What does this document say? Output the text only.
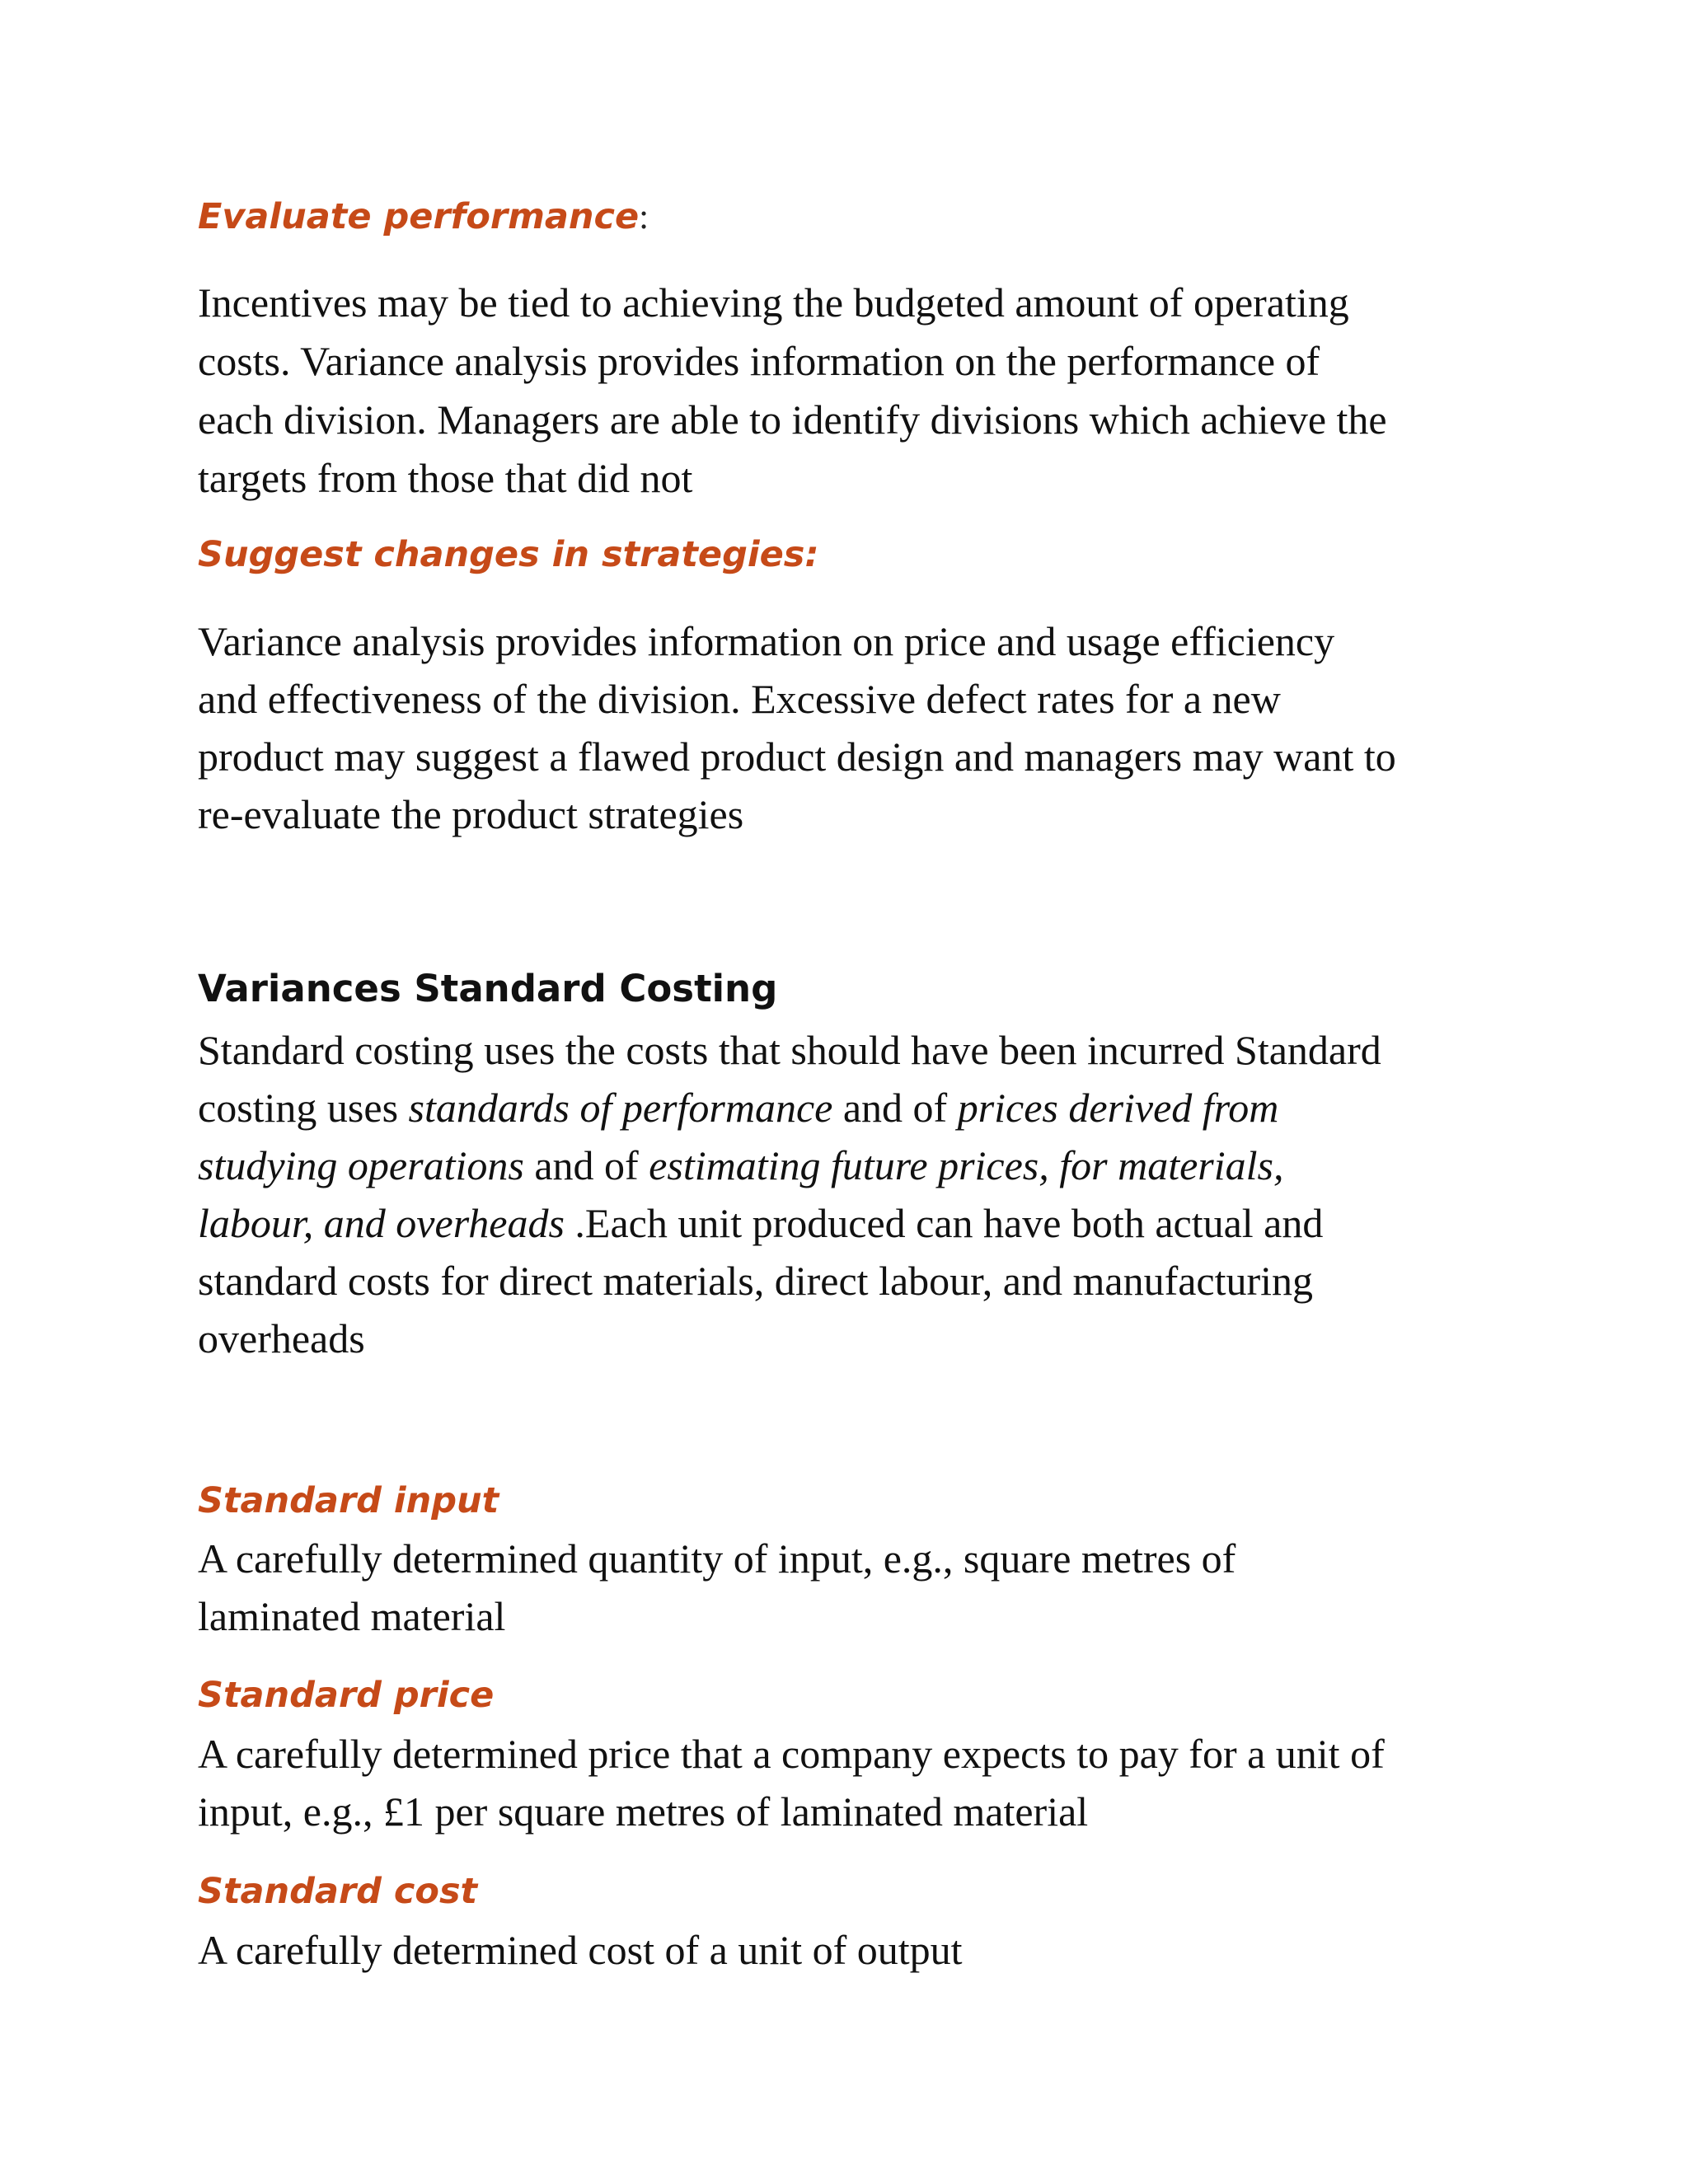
Evaluate performance:
Incentives may be tied to achieving the budgeted amount of operating
costs. Variance analysis provides information on the performance of
each division. Managers are able to identify divisions which achieve the
targets from those that did not
Suggest changes in strategies:
Variance analysis provides information on price and usage efficiency
and effectiveness of the division. Excessive defect rates for a new
product may suggest a flawed product design and managers may want to
re-evaluate the product strategies
Variances Standard Costing
Standard costing uses the costs that should have been incurred Standard
costing uses standards of performance and of prices derived from
studying operations and of estimating future prices, for materials,
labour, and overheads .Each unit produced can have both actual and
standard costs for direct materials, direct labour, and manufacturing
overheads
Standard input
A carefully determined quantity of input, e.g., square metres of
laminated material
Standard price
A carefully determined price that a company expects to pay for a unit of
input, e.g., £1 per square metres of laminated material
Standard cost
A carefully determined cost of a unit of output
